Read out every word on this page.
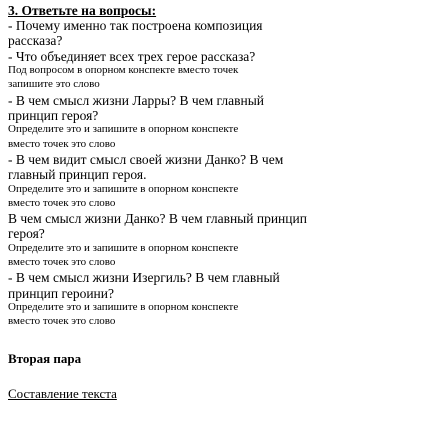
3. Ответьте на вопросы:
- Почему именно так построена композиция
рассказа?
- Что объединяет всех трех герое рассказа?
Под вопросом в опорном конспекте вместо точек
запишите это слово
- В чем смысл жизни Ларры? В чем главный
принцип героя?
Определите это и запишите в опорном конспекте
вместо точек это слово
- В чем видит смысл своей жизни Данко? В чем
главный принцип героя.
Определите это и запишите в опорном конспекте
вместо точек это слово
В чем смысл жизни Данко? В чем главный принцип
героя?
Определите это и запишите в опорном конспекте
вместо точек это слово
- В чем смысл жизни Изергиль? В чем главный
принцип героини?
Определите это и запишите в опорном конспекте
вместо точек это слово
Вторая пара
Составление текста
